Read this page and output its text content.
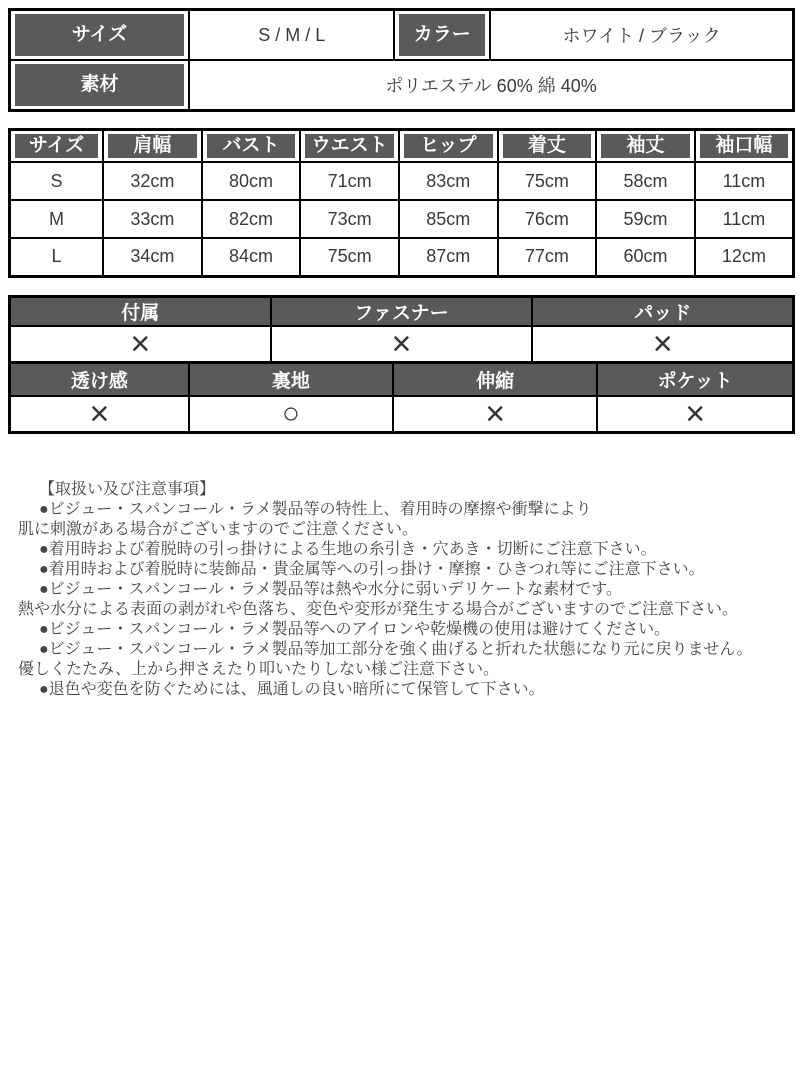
サイズ	S / M / L	カラー	ホワイト / ブラック

素材	ポリエステル 60% 綿 40%		
サイズ	肩幅	バスト	ウエスト	ヒップ	着丈	袖丈	袖口幅

S	32cm	80cm	71cm	83cm	75cm	58cm	11cm
M	33cm	82cm	73cm	85cm	76cm	59cm	11cm
L	34cm	84cm	75cm	87cm	77cm	60cm	12cm
付属	ファスナー	パッド
×	×	×
透け感	裏地	伸縮	ポケット
×	○	×	×
【取扱い及び注意事項】
●ビジュー・スパンコール・ラメ製品等の特性上、着用時の摩擦や衝撃により
肌に刺激がある場合がございますのでご注意ください。
●着用時および着脱時の引っ掛けによる生地の糸引き・穴あき・切断にご注意下さい。
●着用時および着脱時に装飾品・貴金属等への引っ掛け・摩擦・ひきつれ等にご注意下さい。
●ビジュー・スパンコール・ラメ製品等は熱や水分に弱いデリケートな素材です。
熱や水分による表面の剥がれや色落ち、変色や変形が発生する場合がございますのでご注意下さい。
●ビジュー・スパンコール・ラメ製品等へのアイロンや乾燥機の使用は避けてください。
●ビジュー・スパンコール・ラメ製品等加工部分を強く曲げると折れた状態になり元に戻りません。
優しくたたみ、上から押さえたり叩いたりしない様ご注意下さい。
●退色や変色を防ぐためには、風通しの良い暗所にて保管して下さい。
